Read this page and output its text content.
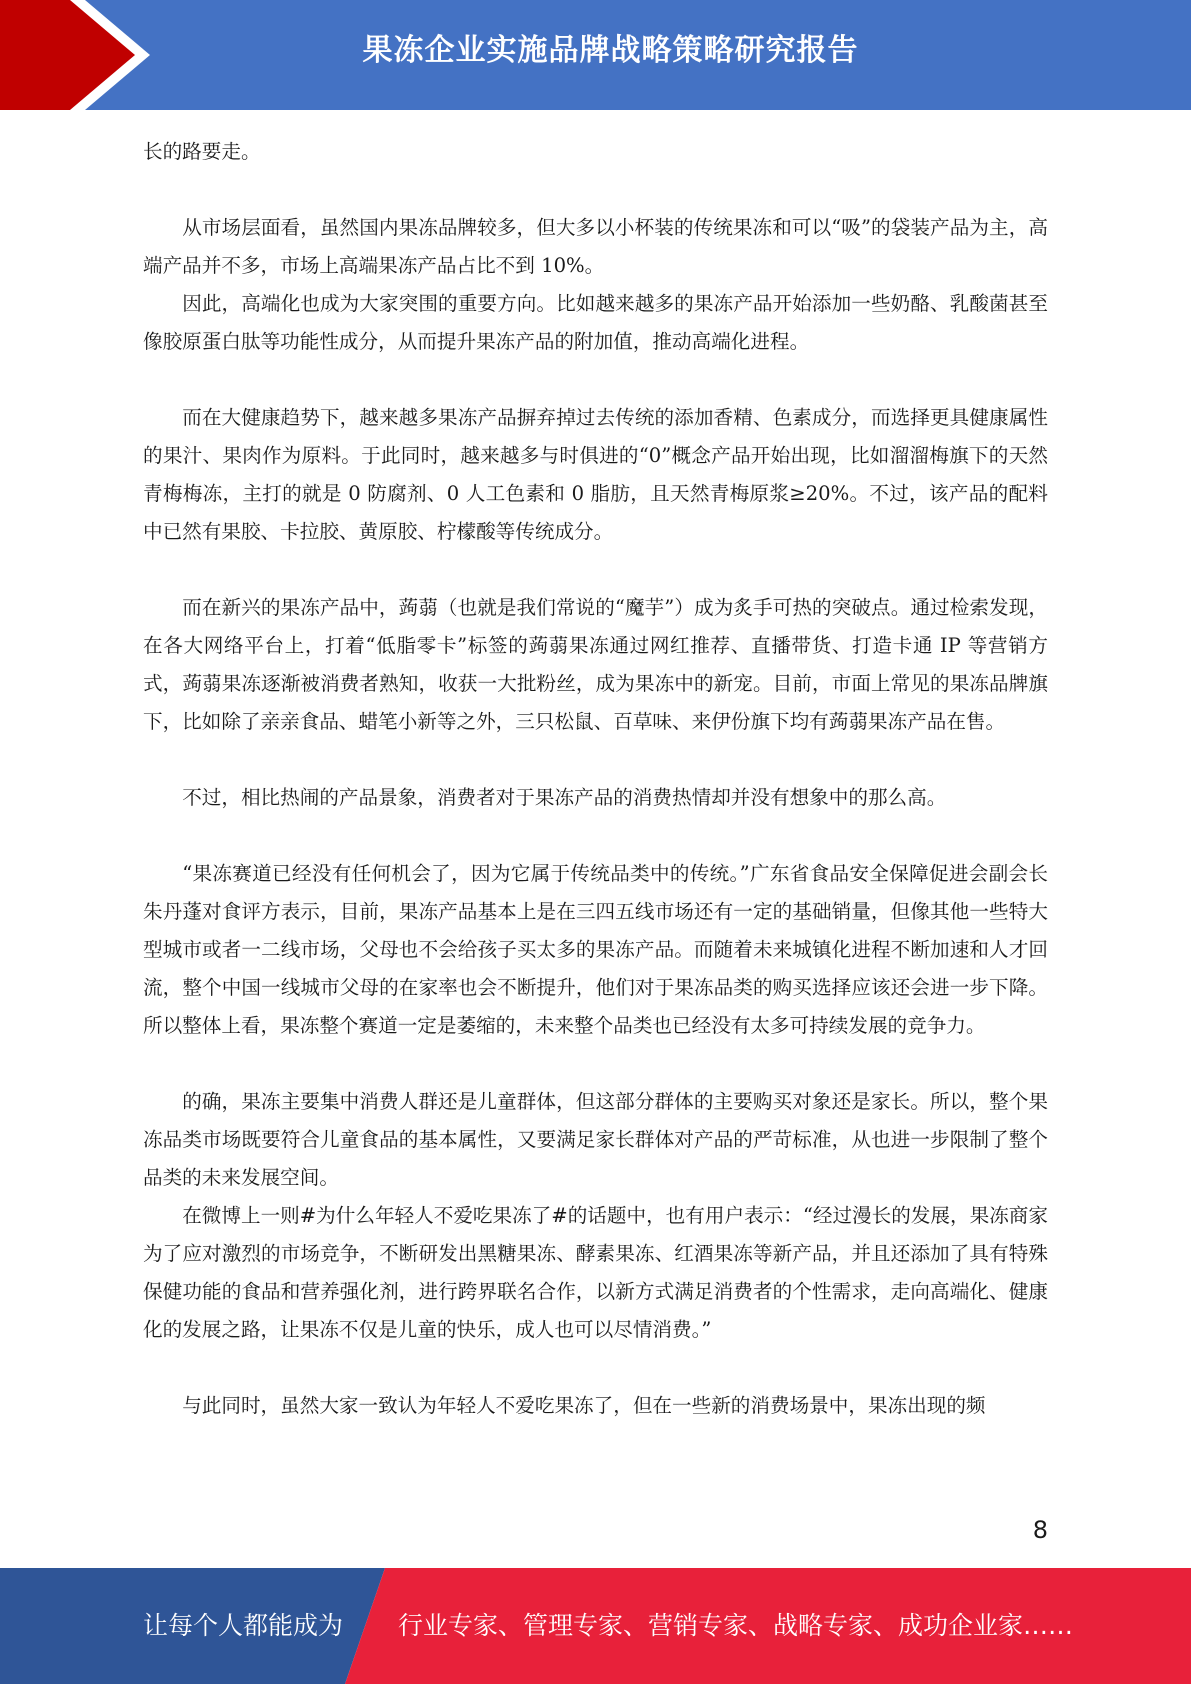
果冻企业实施品牌战略策略研究报告

长的路要走。

从市场层面看，虽然国内果冻品牌较多，但大多以小杯装的传统果冻和可以“吸”的袋装产品为主，高端产品并不多，市场上高端果冻产品占比不到 10%。

因此，高端化也成为大家突围的重要方向。比如越来越多的果冻产品开始添加一些奶酪、乳酸菌甚至像胶原蛋白肽等功能性成分，从而提升果冻产品的附加值，推动高端化进程。

而在大健康趋势下，越来越多果冻产品摒弃掉过去传统的添加香精、色素成分，而选择更具健康属性的果汁、果肉作为原料。于此同时，越来越多与时俱进的“0”概念产品开始出现，比如溜溜梅旗下的天然青梅梅冻，主打的就是 0 防腐剂、0 人工色素和 0 脂肪，且天然青梅原浆≥20%。不过，该产品的配料中已然有果胶、卡拉胶、黄原胶、柠檬酸等传统成分。

而在新兴的果冻产品中，蒟蒻（也就是我们常说的“魔芋”）成为炙手可热的突破点。通过检索发现，在各大网络平台上，打着“低脂零卡”标签的蒟蒻果冻通过网红推荐、直播带货、打造卡通 IP 等营销方式，蒟蒻果冻逐渐被消费者熟知，收获一大批粉丝，成为果冻中的新宠。目前，市面上常见的果冻品牌旗下，比如除了亲亲食品、蜡笔小新等之外，三只松鼠、百草味、来伊份旗下均有蒟蒻果冻产品在售。

不过，相比热闹的产品景象，消费者对于果冻产品的消费热情却并没有想象中的那么高。

“果冻赛道已经没有任何机会了，因为它属于传统品类中的传统。”广东省食品安全保障促进会副会长朱丹蓬对食评方表示，目前，果冻产品基本上是在三四五线市场还有一定的基础销量，但像其他一些特大型城市或者一二线市场，父母也不会给孩子买太多的果冻产品。而随着未来城镇化进程不断加速和人才回流，整个中国一线城市父母的在家率也会不断提升，他们对于果冻品类的购买选择应该还会进一步下降。所以整体上看，果冻整个赛道一定是萎缩的，未来整个品类也已经没有太多可持续发展的竞争力。

的确，果冻主要集中消费人群还是儿童群体，但这部分群体的主要购买对象还是家长。所以，整个果冻品类市场既要符合儿童食品的基本属性，又要满足家长群体对产品的严苛标准，从也进一步限制了整个品类的未来发展空间。

在微博上一则#为什么年轻人不爱吃果冻了#的话题中，也有用户表示：“经过漫长的发展，果冻商家为了应对激烈的市场竞争，不断研发出黑糖果冻、酵素果冻、红酒果冻等新产品，并且还添加了具有特殊保健功能的食品和营养强化剂，进行跨界联名合作，以新方式满足消费者的个性需求，走向高端化、健康化的发展之路，让果冻不仅是儿童的快乐，成人也可以尽情消费。”

与此同时，虽然大家一致认为年轻人不爱吃果冻了，但在一些新的消费场景中，果冻出现的频

8
让每个人都能成为 行业专家、管理专家、营销专家、战略专家、成功企业家……
